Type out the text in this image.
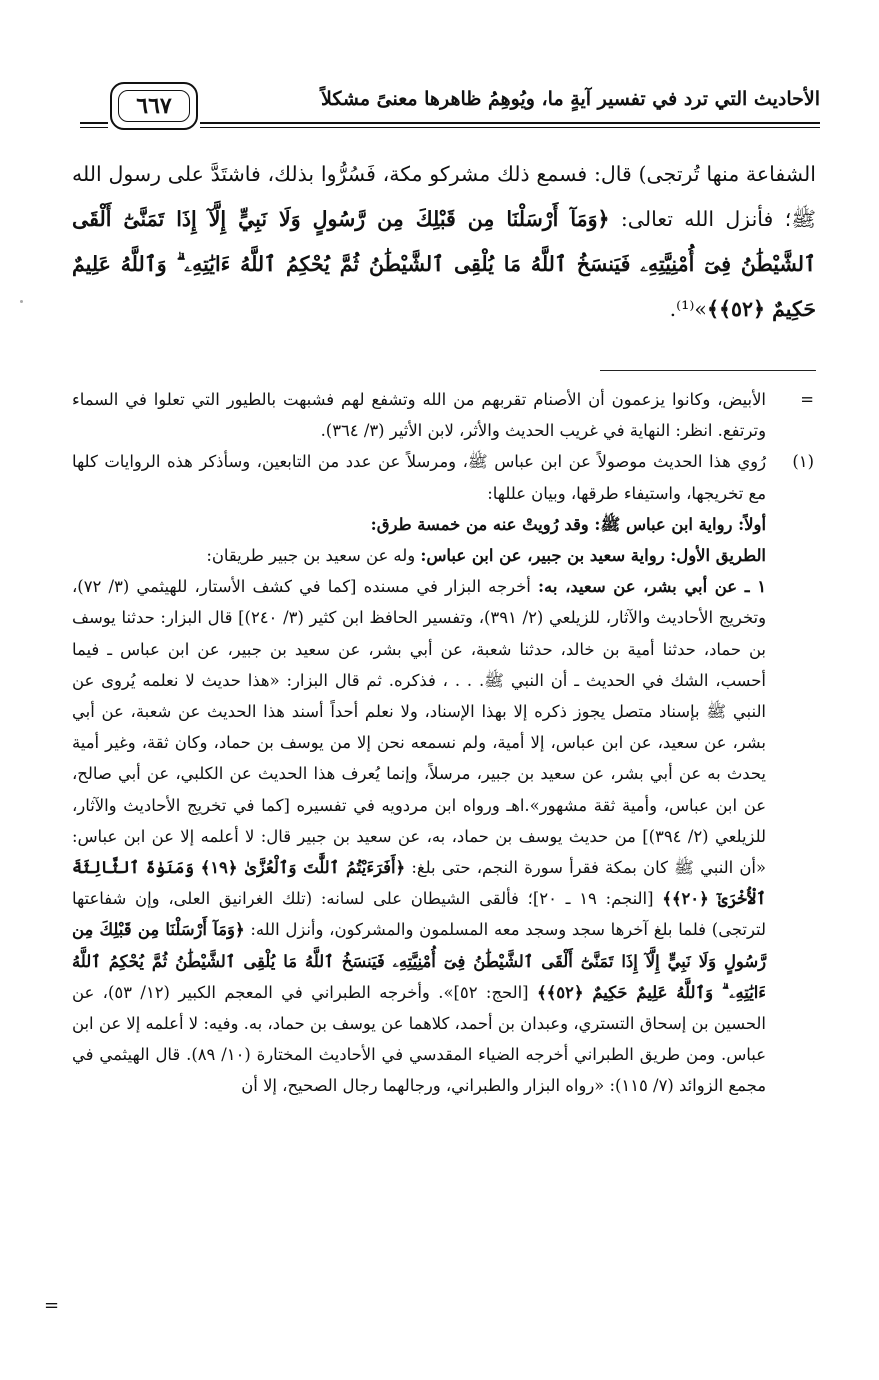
الأحاديث التي ترد في تفسير آيةٍ ما، ويُوهِمُ ظاهرها معنىً مشكلاً
٦٦٧

الشفاعة منها تُرتجى) قال: فسمع ذلك مشركو مكة، فَسُرُّوا بذلك، فاشتَدَّ على رسول الله ﷺ؛ فأنزل الله تعالى: ﴿وَمَآ أَرْسَلْنَا مِن قَبْلِكَ مِن رَّسُولٍ وَلَا نَبِيٍّ إِلَّآ إِذَا تَمَنَّىٰٓ أَلْقَى ٱلشَّيْطَٰنُ فِىٓ أُمْنِيَّتِهِۦ فَيَنسَخُ ٱللَّهُ مَا يُلْقِى ٱلشَّيْطَٰنُ ثُمَّ يُحْكِمُ ٱللَّهُ ءَايَٰتِهِۦ ۗ وَٱللَّهُ عَلِيمٌ حَكِيمٌ ﴿٥٢﴾﴾»⁽¹⁾.

=

الأبيض، وكانوا يزعمون أن الأصنام تقربهم من الله وتشفع لهم فشبهت بالطيور التي تعلوا في السماء وترتفع. انظر: النهاية في غريب الحديث والأثر، لابن الأثير (٣/ ٣٦٤).

(١)

رُوي هذا الحديث موصولاً عن ابن عباس ﷺ، ومرسلاً عن عدد من التابعين، وسأذكر هذه الروايات كلها مع تخريجها، واستيفاء طرقها، وبيان عللها:

أولاً: رواية ابن عباس ﷺ: وقد رُويتْ عنه من خمسة طرق:

الطريق الأول: رواية سعيد بن جبير، عن ابن عباس: وله عن سعيد بن جبير طريقان:

١ ـ عن أبي بشر، عن سعيد، به: أخرجه البزار في مسنده [كما في كشف الأستار، للهيثمي (٣/ ٧٢)، وتخريج الأحاديث والآثار، للزيلعي (٢/ ٣٩١)، وتفسير الحافظ ابن كثير (٣/ ٢٤٠)] قال البزار: حدثنا يوسف بن حماد، حدثنا أمية بن خالد، حدثنا شعبة، عن أبي بشر، عن سعيد بن جبير، عن ابن عباس ـ فيما أحسب، الشك في الحديث ـ أن النبي ﷺ. . . ، فذكره. ثم قال البزار: «هذا حديث لا نعلمه يُروى عن النبي ﷺ بإسناد متصل يجوز ذكره إلا بهذا الإسناد، ولا نعلم أحداً أسند هذا الحديث عن شعبة، عن أبي بشر، عن سعيد، عن ابن عباس، إلا أمية، ولم نسمعه نحن إلا من يوسف بن حماد، وكان ثقة، وغير أمية يحدث به عن أبي بشر، عن سعيد بن جبير، مرسلاً، وإنما يُعرف هذا الحديث عن الكلبي، عن أبي صالح، عن ابن عباس، وأمية ثقة مشهور».اهـ ورواه ابن مردويه في تفسيره [كما في تخريج الأحاديث والآثار، للزيلعي (٢/ ٣٩٤)] من حديث يوسف بن حماد، به، عن سعيد بن جبير قال: لا أعلمه إلا عن ابن عباس: «أن النبي ﷺ كان بمكة فقرأ سورة النجم، حتى بلغ: ﴿أَفَرَءَيْتُمُ ٱللَّٰتَ وَٱلْعُزَّىٰ ﴿١٩﴾ وَمَنَوٰةَ ٱلثَّالِثَةَ ٱلْأُخْرَىٰٓ ﴿٢٠﴾﴾ [النجم: ١٩ ـ ٢٠]؛ فألقى الشيطان على لسانه: (تلك الغرانيق العلى، وإن شفاعتها لترتجى) فلما بلغ آخرها سجد وسجد معه المسلمون والمشركون، وأنزل الله: ﴿وَمَآ أَرْسَلْنَا مِن قَبْلِكَ مِن رَّسُولٍ وَلَا نَبِيٍّ إِلَّآ إِذَا تَمَنَّىٰٓ أَلْقَى ٱلشَّيْطَٰنُ فِىٓ أُمْنِيَّتِهِۦ فَيَنسَخُ ٱللَّهُ مَا يُلْقِى ٱلشَّيْطَٰنُ ثُمَّ يُحْكِمُ ٱللَّهُ ءَايَٰتِهِۦ ۗ وَٱللَّهُ عَلِيمٌ حَكِيمٌ ﴿٥٢﴾﴾ [الحج: ٥٢]». وأخرجه الطبراني في المعجم الكبير (١٢/ ٥٣)، عن الحسين بن إسحاق التستري، وعبدان بن أحمد، كلاهما عن يوسف بن حماد، به. وفيه: لا أعلمه إلا عن ابن عباس. ومن طريق الطبراني أخرجه الضياء المقدسي في الأحاديث المختارة (١٠/ ٨٩). قال الهيثمي في مجمع الزوائد (٧/ ١١٥): «رواه البزار والطبراني، ورجالهما رجال الصحيح، إلا أن

=
